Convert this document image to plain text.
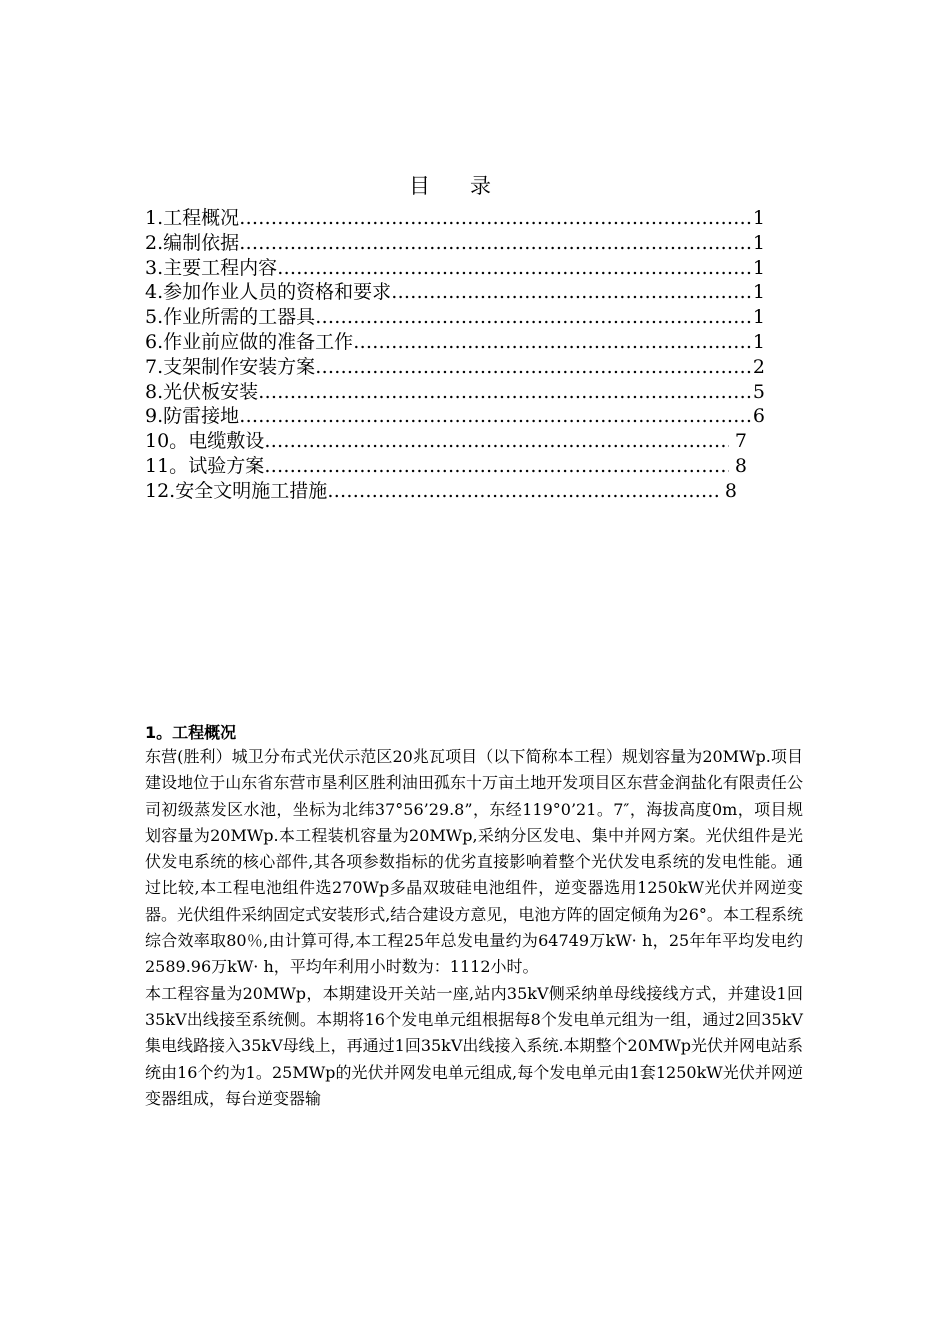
目录
1. 工程概况 ……………………………………………………………………………………………………………………………………………………………………………	1
2. 编制依据 ……………………………………………………………………………………………………………………………………………………………………………	1
3. 主要工程内容 ……………………………………………………………………………………………………………………………………………………………………………	1
4. 参加作业人员的资格和要求 ……………………………………………………………………………………………………………………………………………………………………………	1
5. 作业所需的工器具 ……………………………………………………………………………………………………………………………………………………………………………	1
6. 作业前应做的准备工作 ……………………………………………………………………………………………………………………………………………………………………………	1
7. 支架制作安装方案 ……………………………………………………………………………………………………………………………………………………………………………	2
8. 光伏板安装 ……………………………………………………………………………………………………………………………………………………………………………	5
9. 防雷接地 ……………………………………………………………………………………………………………………………………………………………………………	6
10。 电缆敷设 ……………………………………………………………………………………………………………………………………………………………………………	7
11。 试验方案 ……………………………………………………………………………………………………………………………………………………………………………	8
12. 安全文明施工措施 ……………………………………………………………………………………………………………………………………………………………………………	8
1。工程概况

东营(胜利）城卫分布式光伏示范区20兆瓦项目（以下简称本工程）规划容量为20MWp.项目建设地位于山东省东营市垦利区胜利油田孤东十万亩土地开发项目区东营金润盐化有限责任公司初级蒸发区水池，坐标为北纬37°56’29.8”，东经119°0’21。7″，海拔高度0m，项目规划容量为20MWp.本工程装机容量为20MWp,采纳分区发电、集中并网方案。光伏组件是光伏发电系统的核心部件,其各项参数指标的优劣直接影响着整个光伏发电系统的发电性能。通过比较,本工程电池组件选270Wp多晶双玻硅电池组件，逆变器选用1250kW光伏并网逆变器。光伏组件采纳固定式安装形式,结合建设方意见，电池方阵的固定倾角为26°。本工程系统综合效率取80％,由计算可得,本工程25年总发电量约为64749万kW· h，25年年平均发电约2589.96万kW· h，平均年利用小时数为：1112小时。

本工程容量为20MWp，本期建设开关站一座,站内35kV侧采纳单母线接线方式，并建设1回35kV出线接至系统侧。本期将16个发电单元组根据每8个发电单元组为一组，通过2回35kV集电线路接入35kV母线上，再通过1回35kV出线接入系统.本期整个20MWp光伏并网电站系统由16个约为1。25MWp的光伏并网发电单元组成,每个发电单元由1套1250kW光伏并网逆变器组成，每台逆变器输
